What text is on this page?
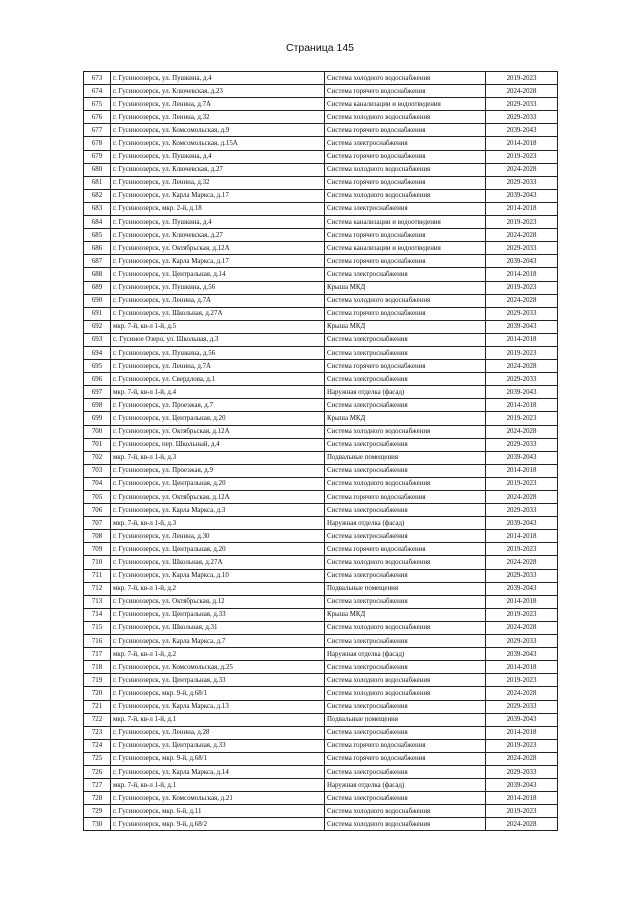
Страница 145
673	г. Гусиноозерск, ул. Пушкина, д.4	Система холодного водоснабжения	2019-2023
674	г. Гусиноозерск, ул. Ключевская, д.23	Система горячего водоснабжения	2024-2028
675	г. Гусиноозерск, ул. Ленина, д.7А	Система канализации и водоотведения	2029-2033
676	г. Гусиноозерск, ул. Ленина, д.32	Система холодного водоснабжения	2029-2033
677	г. Гусиноозерск, ул. Комсомольская, д.9	Система горячего водоснабжения	2039-2043
678	г. Гусиноозерск, ул. Комсомольская, д.15А	Система электроснабжения	2014-2018
679	г. Гусиноозерск, ул. Пушкина, д.4	Система горячего водоснабжения	2019-2023
680	г. Гусиноозерск, ул. Ключевская, д.27	Система холодного водоснабжения	2024-2028
681	г. Гусиноозерск, ул. Ленина, д.32	Система горячего водоснабжения	2029-2033
682	г. Гусиноозерск, ул. Карла Маркса, д.17	Система холодного водоснабжения	2039-2043
683	г. Гусиноозерск, мкр. 2-й, д.18	Система электроснабжения	2014-2018
684	г. Гусиноозерск, ул. Пушкина, д.4	Система канализации и водоотведения	2019-2023
685	г. Гусиноозерск, ул. Ключевская, д.27	Система горячего водоснабжения	2024-2028
686	г. Гусиноозерск, ул. Октябрьская, д.12А	Система канализации и водоотведения	2029-2033
687	г. Гусиноозерск, ул. Карла Маркса, д.17	Система горячего водоснабжения	2039-2043
688	г. Гусиноозерск, ул. Центральная, д.14	Система электроснабжения	2014-2018
689	г. Гусиноозерск, ул. Пушкина, д.56	Крыша МКД	2019-2023
690	г. Гусиноозерск, ул. Ленина, д.7А	Система холодного водоснабжения	2024-2028
691	г. Гусиноозерск, ул. Школьная, д.27А	Система горячего водоснабжения	2029-2033
692	мкр. 7-й, кв-л 1-й, д.5	Крыша МКД	2039-2043
693	с. Гусиное Озеро, ул. Школьная, д.3	Система электроснабжения	2014-2018
694	г. Гусиноозерск, ул. Пушкина, д.56	Система электроснабжения	2019-2023
695	г. Гусиноозерск, ул. Ленина, д.7А	Система горячего водоснабжения	2024-2028
696	г. Гусиноозерск, ул. Свердлова, д.1	Система электроснабжения	2029-2033
697	мкр. 7-й, кв-л 1-й, д.4	Наружная отделка (фасад)	2039-2043
698	г. Гусиноозерск, ул. Проезжая, д.7	Система электроснабжения	2014-2018
699	г. Гусиноозерск, ул. Центральная, д.20	Крыша МКД	2019-2023
700	г. Гусиноозерск, ул. Октябрьская, д.12А	Система холодного водоснабжения	2024-2028
701	г. Гусиноозерск, пер. Школьный, д.4	Система электроснабжения	2029-2033
702	мкр. 7-й, кв-л 1-й, д.3	Подвальные помещения	2039-2043
703	г. Гусиноозерск, ул. Проезжая, д.9	Система электроснабжения	2014-2018
704	г. Гусиноозерск, ул. Центральная, д.20	Система холодного водоснабжения	2019-2023
705	г. Гусиноозерск, ул. Октябрьская, д.12А	Система горячего водоснабжения	2024-2028
706	г. Гусиноозерск, ул. Карла Маркса, д.3	Система электроснабжения	2029-2033
707	мкр. 7-й, кв-л 1-й, д.3	Наружная отделка (фасад)	2039-2043
708	г. Гусиноозерск, ул. Ленина, д.30	Система электроснабжения	2014-2018
709	г. Гусиноозерск, ул. Центральная, д.20	Система горячего водоснабжения	2019-2023
710	г. Гусиноозерск, ул. Школьная, д.27А	Система холодного водоснабжения	2024-2028
711	г. Гусиноозерск, ул. Карла Маркса, д.10	Система электроснабжения	2029-2033
712	мкр. 7-й, кв-л 1-й, д.2	Подвальные помещения	2039-2043
713	г. Гусиноозерск, ул. Октябрьская, д.12	Система электроснабжения	2014-2018
714	г. Гусиноозерск, ул. Центральная, д.33	Крыша МКД	2019-2023
715	г. Гусиноозерск, ул. Школьная, д.31	Система холодного водоснабжения	2024-2028
716	г. Гусиноозерск, ул. Карла Маркса, д.7	Система электроснабжения	2029-2033
717	мкр. 7-й, кв-л 1-й, д.2	Наружная отделка (фасад)	2039-2043
718	г. Гусиноозерск, ул. Комсомольская, д.25	Система электроснабжения	2014-2018
719	г. Гусиноозерск, ул. Центральная, д.33	Система холодного водоснабжения	2019-2023
720	г. Гусиноозерск, мкр. 9-й, д.68/1	Система холодного водоснабжения	2024-2028
721	г. Гусиноозерск, ул. Карла Маркса, д.13	Система электроснабжения	2029-2033
722	мкр. 7-й, кв-л 1-й, д.1	Подвальные помещения	2039-2043
723	г. Гусиноозерск, ул. Ленина, д.28	Система электроснабжения	2014-2018
724	г. Гусиноозерск, ул. Центральная, д.33	Система горячего водоснабжения	2019-2023
725	г. Гусиноозерск, мкр. 9-й, д.68/1	Система горячего водоснабжения	2024-2028
726	г. Гусиноозерск, ул. Карла Маркса, д.14	Система электроснабжения	2029-2033
727	мкр. 7-й, кв-л 1-й, д.1	Наружная отделка (фасад)	2039-2043
728	г. Гусиноозерск, ул. Комсомольская, д.21	Система электроснабжения	2014-2018
729	г. Гусиноозерск, мкр. 6-й, д.11	Система холодного водоснабжения	2019-2023
730	г. Гусиноозерск, мкр. 9-й, д.68/2	Система холодного водоснабжения	2024-2028
